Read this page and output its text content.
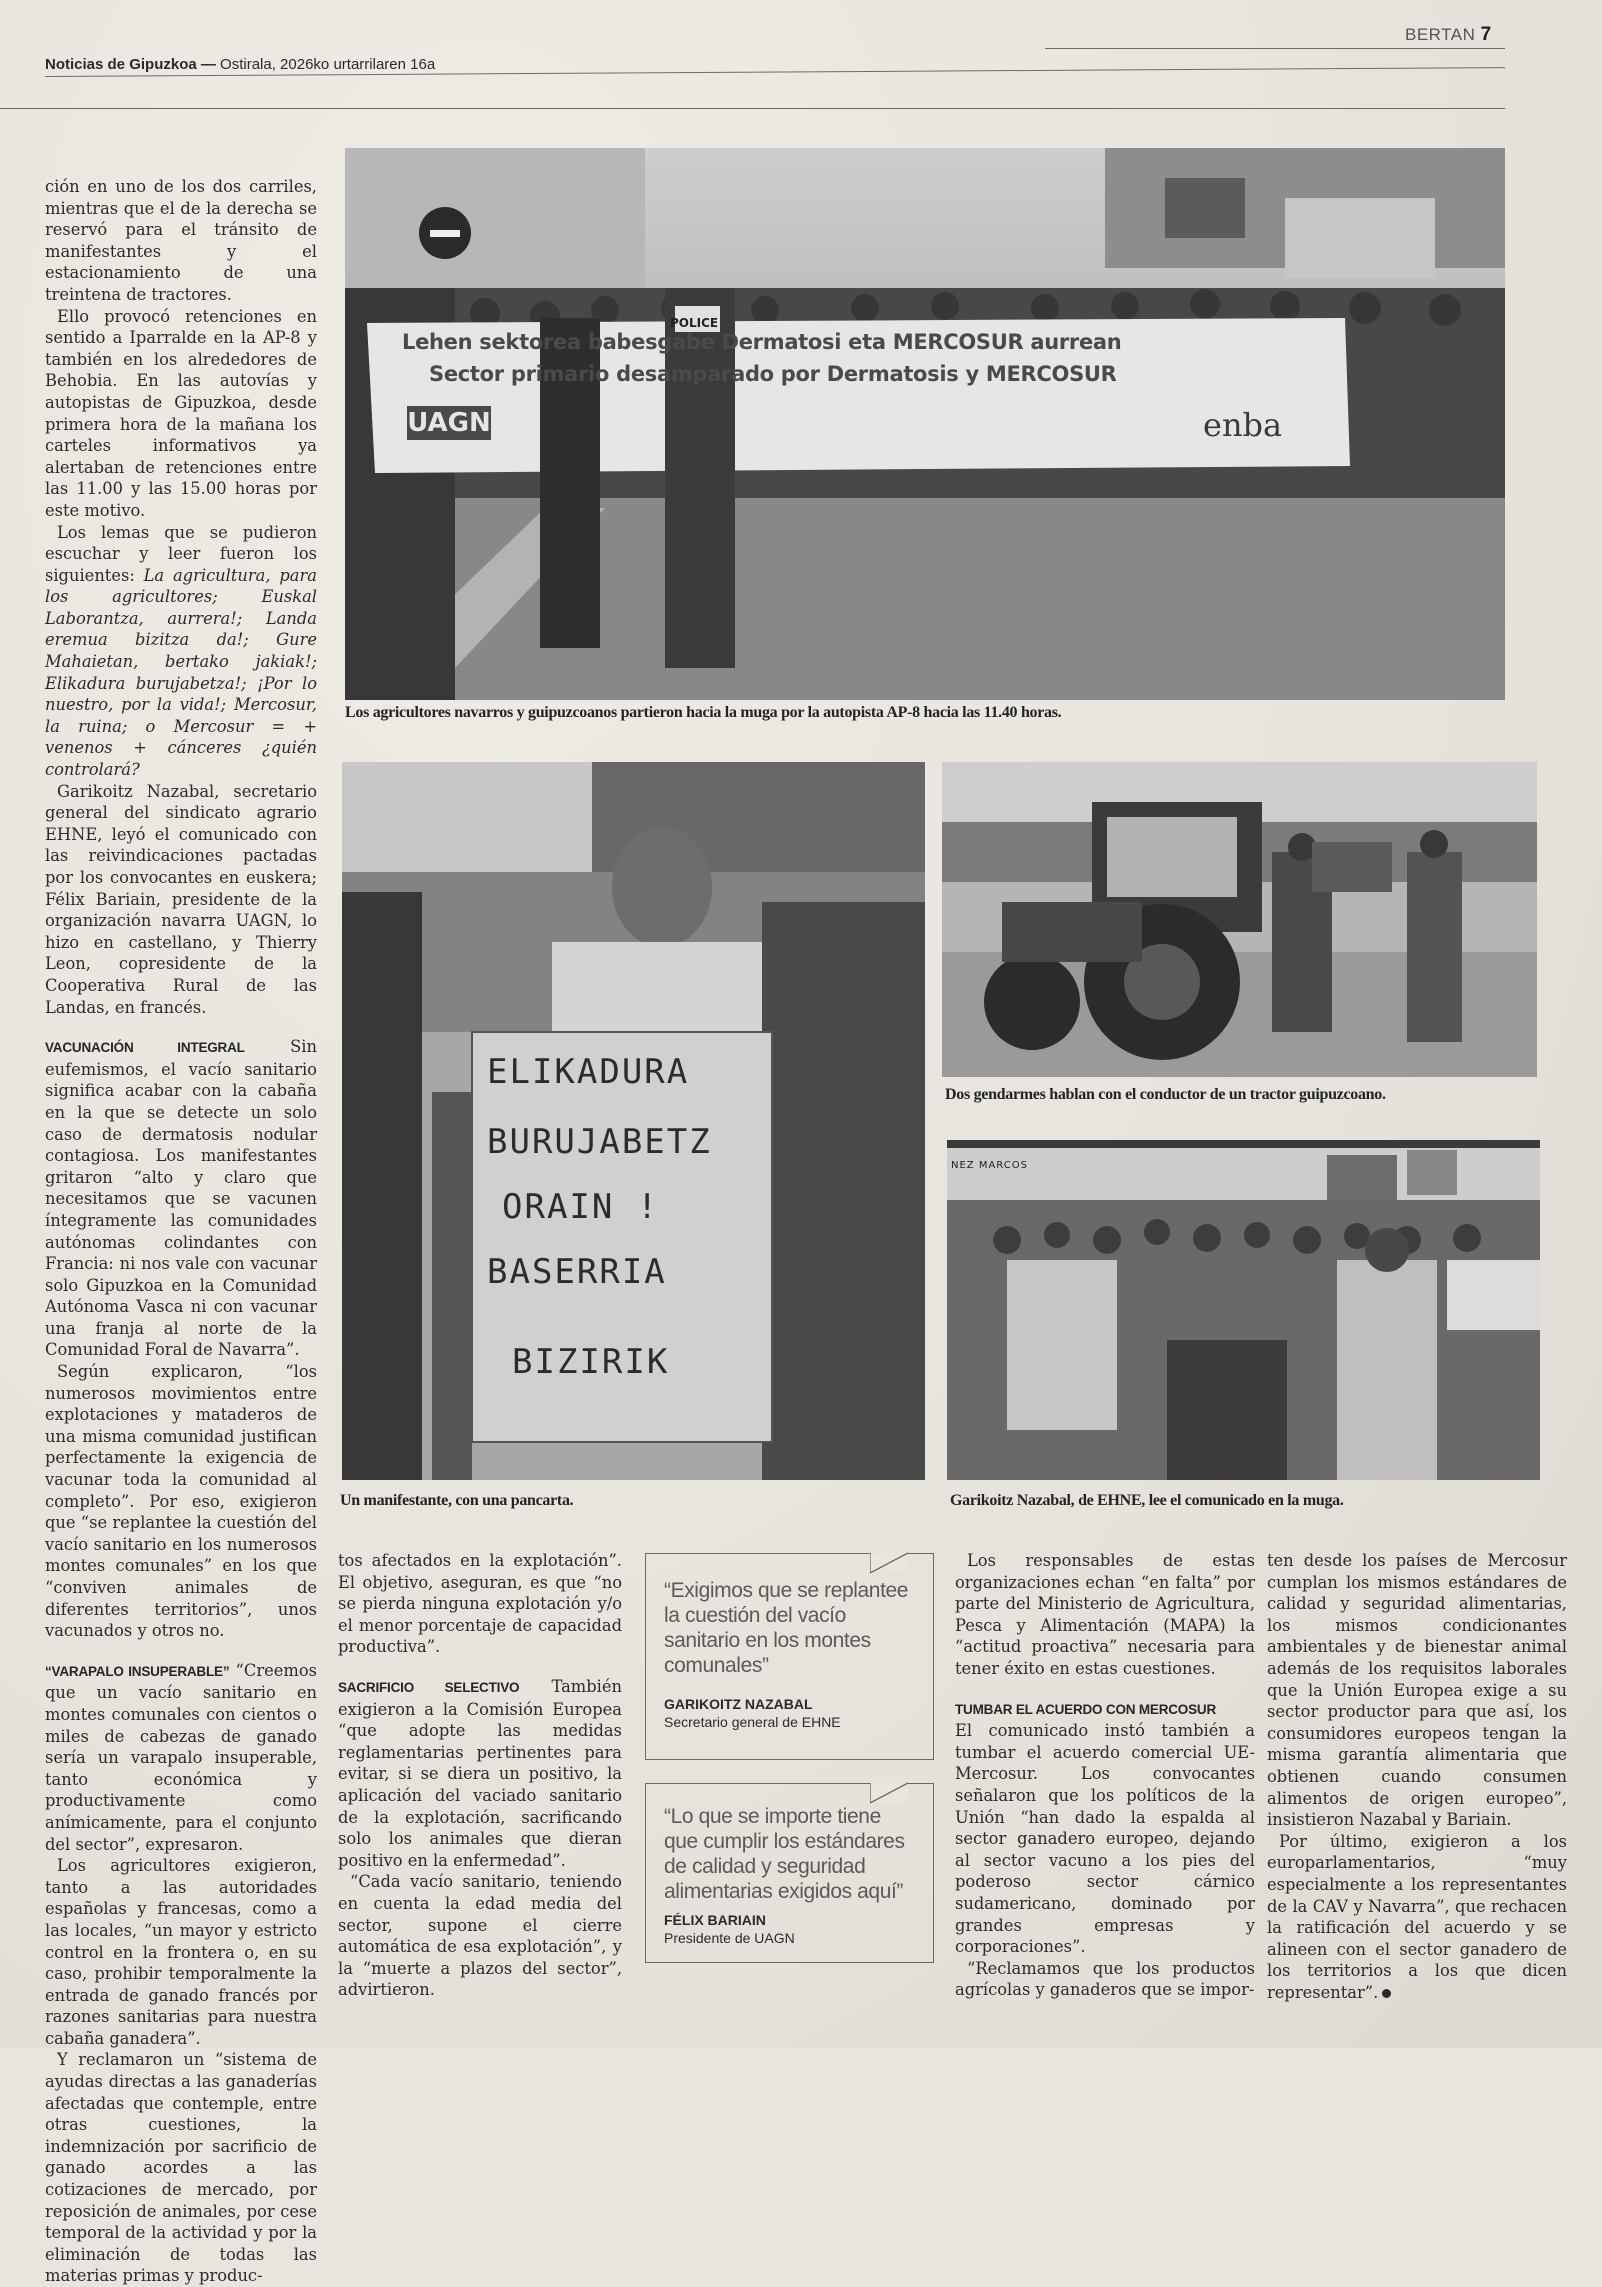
Noticias de Gipuzkoa — Ostirala, 2026ko urtarrilaren 16a
BERTAN 7

ción en uno de los dos carriles, mientras que el de la derecha se reservó para el tránsito de manifestantes y el estacionamiento de una treintena de tractores.

Ello provocó retenciones en sentido a Iparralde en la AP-8 y también en los alrededores de Behobia. En las autovías y autopistas de Gipuzkoa, desde primera hora de la mañana los carteles informativos ya alertaban de retenciones entre las 11.00 y las 15.00 horas por este motivo.

Los lemas que se pudieron escuchar y leer fueron los siguientes: La agricultura, para los agricultores; Euskal Laborantza, aurrera!; Landa eremua bizitza da!; Gure Mahaietan, bertako jakiak!; Elikadura burujabetza!; ¡Por lo nuestro, por la vida!; Mercosur, la ruina; o Mercosur = + venenos + cánceres ¿quién controlará?

Garikoitz Nazabal, secretario general del sindicato agrario EHNE, leyó el comunicado con las reivindicaciones pactadas por los convocantes en euskera; Félix Bariain, presidente de la organización navarra UAGN, lo hizo en castellano, y Thierry Leon, copresidente de la Cooperativa Rural de las Landas, en francés.

VACUNACIÓN INTEGRAL Sin eufemismos, el vacío sanitario significa acabar con la cabaña en la que se detecte un solo caso de dermatosis nodular contagiosa. Los manifestantes gritaron “alto y claro que necesitamos que se vacunen íntegramente las comunidades autónomas colindantes con Francia: ni nos vale con vacunar solo Gipuzkoa en la Comunidad Autónoma Vasca ni con vacunar una franja al norte de la Comunidad Foral de Navarra”.

Según explicaron, “los numerosos movimientos entre explotaciones y mataderos de una misma comunidad justifican perfectamente la exigencia de vacunar toda la comunidad al completo”. Por eso, exigieron que “se replantee la cuestión del vacío sanitario en los numerosos montes comunales” en los que “conviven animales de diferentes territorios”, unos vacunados y otros no.

“VARAPALO INSUPERABLE” “Creemos que un vacío sanitario en montes comunales con cientos o miles de cabezas de ganado sería un varapalo insuperable, tanto económica y productivamente como anímicamente, para el conjunto del sector”, expresaron.

Los agricultores exigieron, tanto a las autoridades españolas y francesas, como a las locales, “un mayor y estricto control en la frontera o, en su caso, prohibir temporalmente la entrada de ganado francés por razones sanitarias para nuestra cabaña ganadera”.

Y reclamaron un “sistema de ayudas directas a las ganaderías afectadas que contemple, entre otras cuestiones, la indemnización por sacrificio de ganado acordes a las cotizaciones de mercado, por reposición de animales, por cese temporal de la actividad y por la eliminación de todas las materias primas y produc-

Lehen sektorea babesgabe Dermatosi eta MERCOSUR aurrean
Sector primario desamparado por Dermatosis y MERCOSUR
UAGN	enba
POLICE
Los agricultores navarros y guipuzcoanos partieron hacia la muga por la autopista AP-8 hacia las 11.40 horas.
ELIKADURA
BURUJABETZ
ORAIN !
BASERRIA
BIZIRIK
Un manifestante, con una pancarta.
Dos gendarmes hablan con el conductor de un tractor guipuzcoano.
NEZ MARCOS
Garikoitz Nazabal, de EHNE, lee el comunicado en la muga.

tos afectados en la explotación”. El objetivo, aseguran, es que “no se pierda ninguna explotación y/o el menor porcentaje de capacidad productiva”.

SACRIFICIO SELECTIVO También exigieron a la Comisión Europea “que adopte las medidas reglamentarias pertinentes para evitar, si se diera un positivo, la aplicación del vaciado sanitario de la explotación, sacrificando solo los animales que dieran positivo en la enfermedad”.

“Cada vacío sanitario, teniendo en cuenta la edad media del sector, supone el cierre automática de esa explotación”, y la “muerte a plazos del sector”, advirtieron.

“Exigimos que se replantee la cuestión del vacío sanitario en los montes comunales”
GARIKOITZ NAZABAL
Secretario general de EHNE
“Lo que se importe tiene que cumplir los estándares de calidad y seguridad alimentarias exigidos aquí”
FÉLIX BARIAIN
Presidente de UAGN

Los responsables de estas organizaciones echan “en falta” por parte del Ministerio de Agricultura, Pesca y Alimentación (MAPA) la “actitud proactiva” necesaria para tener éxito en estas cuestiones.

TUMBAR EL ACUERDO CON MERCOSUR

El comunicado instó también a tumbar el acuerdo comercial UE-Mercosur. Los convocantes señalaron que los políticos de la Unión “han dado la espalda al sector ganadero europeo, dejando al sector vacuno a los pies del poderoso sector cárnico sudamericano, dominado por grandes empresas y corporaciones”.

“Reclamamos que los productos agrícolas y ganaderos que se impor-

ten desde los países de Mercosur cumplan los mismos estándares de calidad y seguridad alimentarias, los mismos condicionantes ambientales y de bienestar animal además de los requisitos laborales que la Unión Europea exige a su sector productor para que así, los consumidores europeos tengan la misma garantía alimentaria que obtienen cuando consumen alimentos de origen europeo”, insistieron Nazabal y Bariain.

Por último, exigieron a los europarlamentarios, “muy especialmente a los representantes de la CAV y Navarra”, que rechacen la ratificación del acuerdo y se alineen con el sector ganadero de los territorios a los que dicen representar”.
